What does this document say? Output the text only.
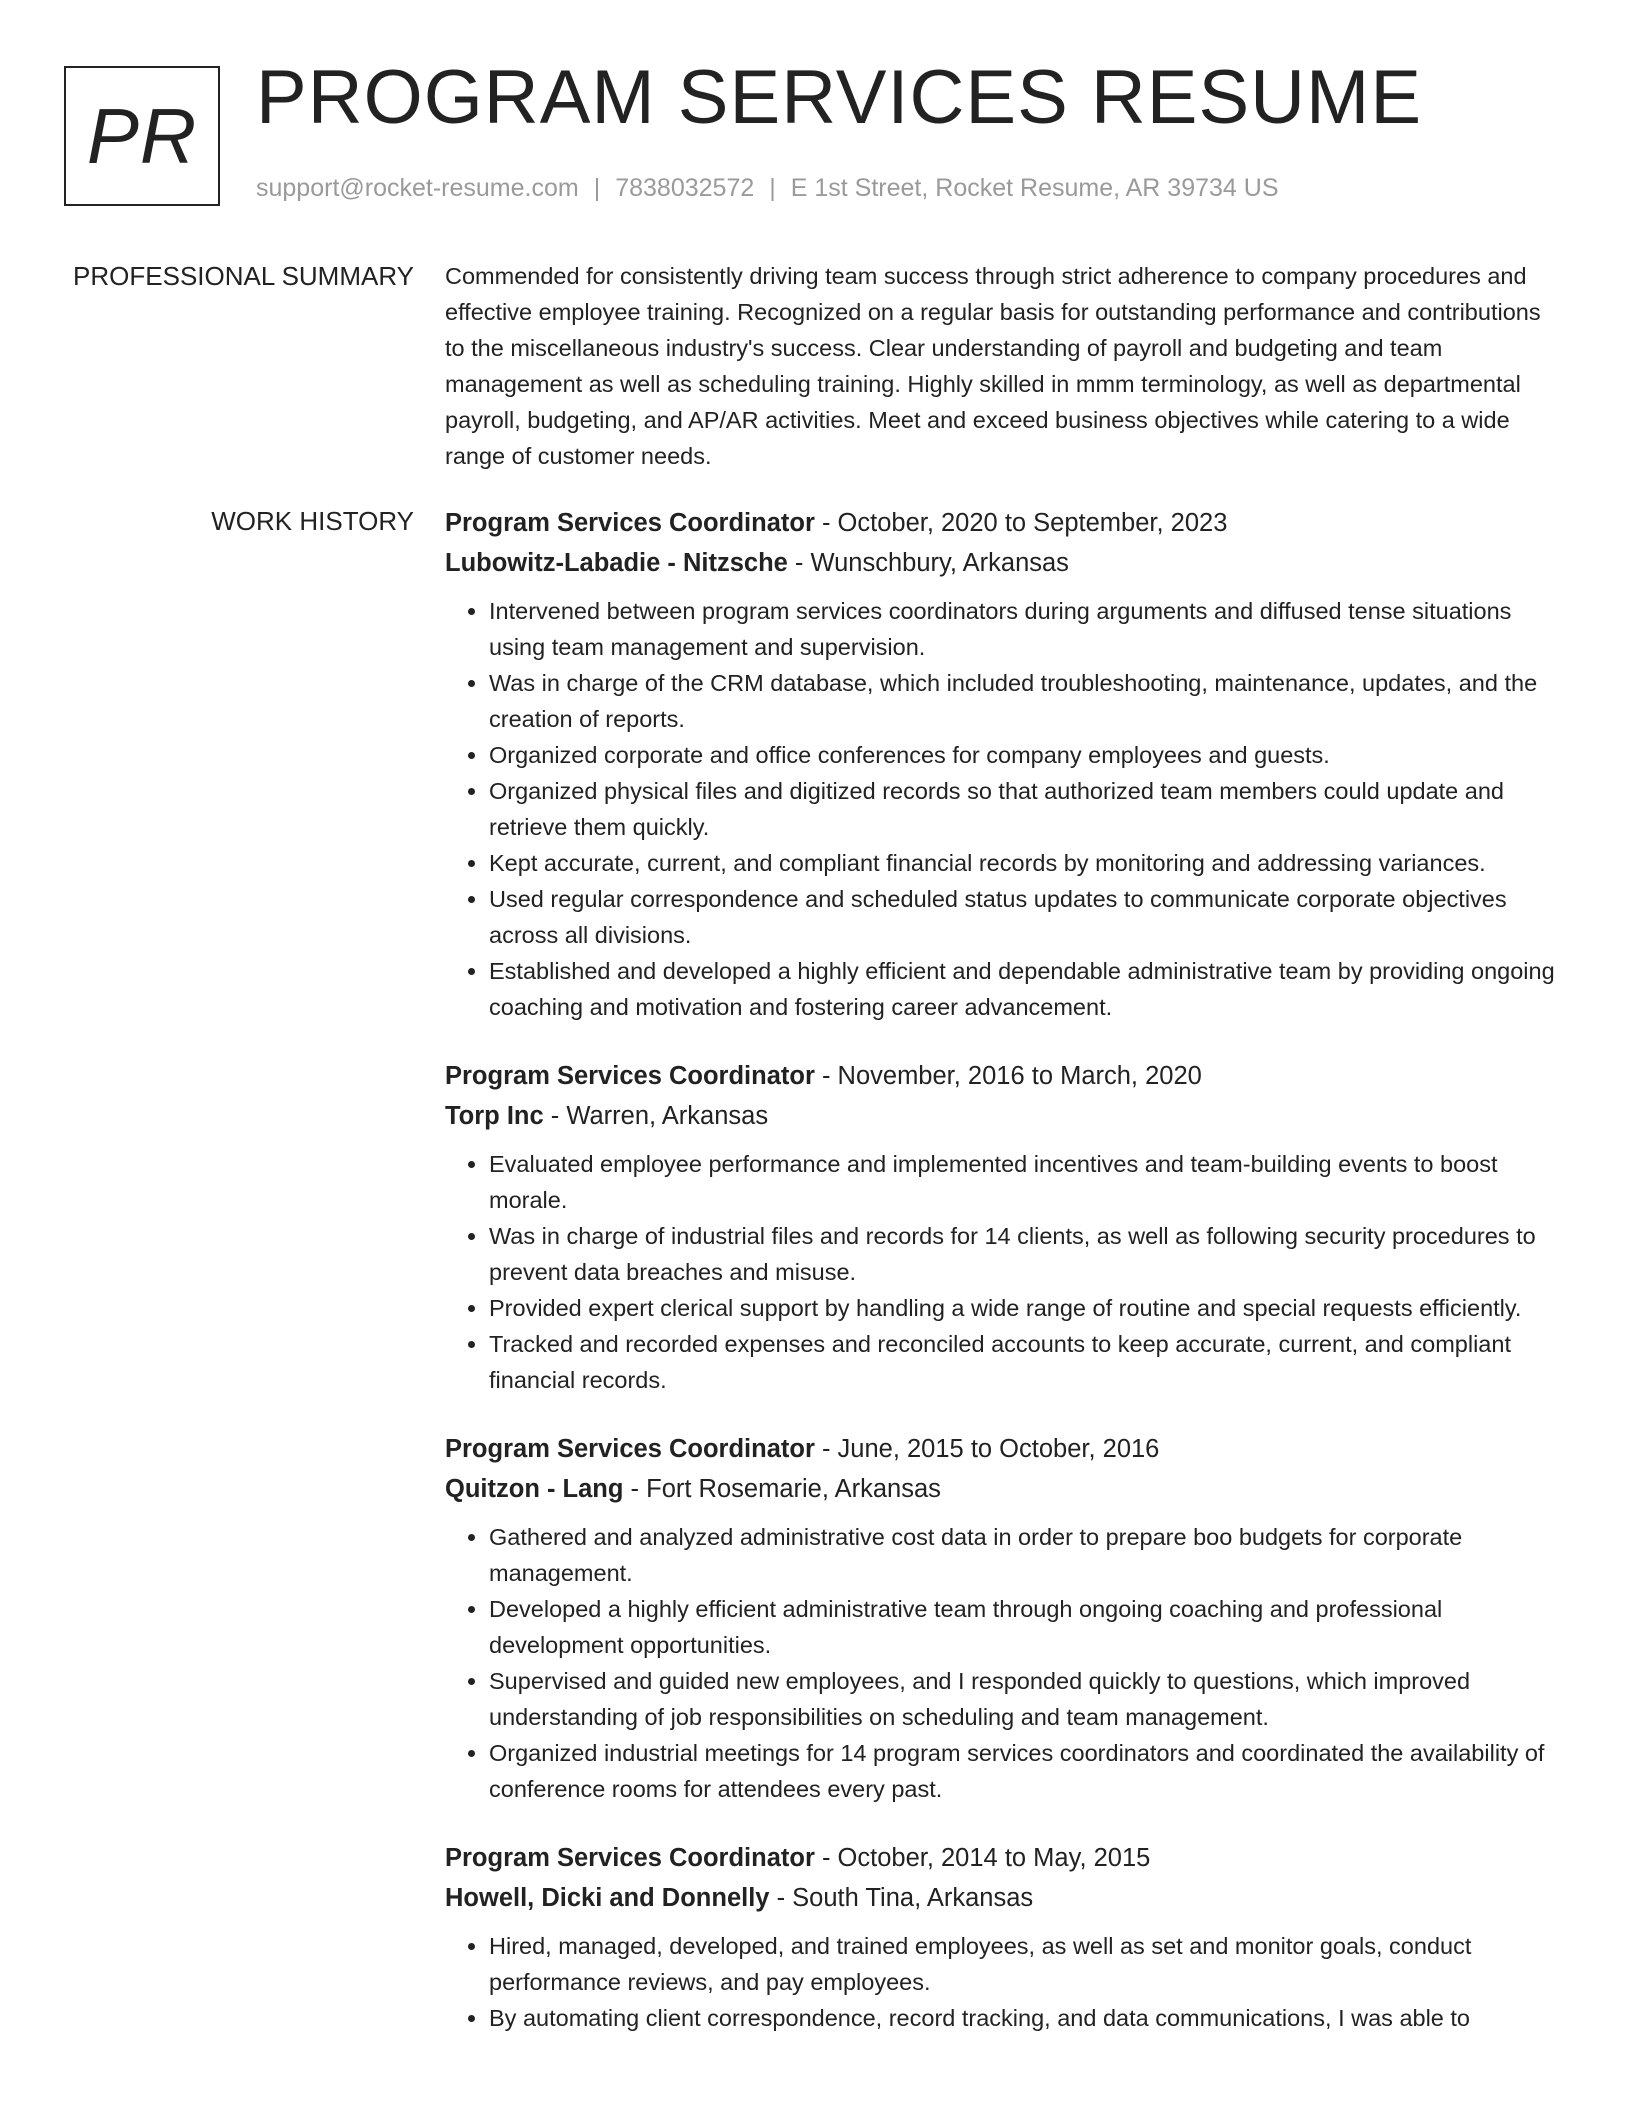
PR PROGRAM SERVICES RESUME
support@rocket-resume.com | 7838032572 | E 1st Street, Rocket Resume, AR 39734 US
PROFESSIONAL SUMMARY Commended for consistently driving team success through strict adherence to company procedures and effective employee training. Recognized on a regular basis for outstanding performance and contributions to the miscellaneous industry's success. Clear understanding of payroll and budgeting and team management as well as scheduling training. Highly skilled in mmm terminology, as well as departmental payroll, budgeting, and AP/AR activities. Meet and exceed business objectives while catering to a wide range of customer needs.

WORK HISTORY Program Services Coordinator - October, 2020 to September, 2023
Lubowitz-Labadie - Nitzsche - Wunschbury, Arkansas
• Intervened between program services coordinators during arguments and diffused tense situations using team management and supervision.
• Was in charge of the CRM database, which included troubleshooting, maintenance, updates, and the creation of reports.
• Organized corporate and office conferences for company employees and guests.
• Organized physical files and digitized records so that authorized team members could update and retrieve them quickly.
• Kept accurate, current, and compliant financial records by monitoring and addressing variances.
• Used regular correspondence and scheduled status updates to communicate corporate objectives across all divisions.
• Established and developed a highly efficient and dependable administrative team by providing ongoing coaching and motivation and fostering career advancement.
Program Services Coordinator - November, 2016 to March, 2020
Torp Inc - Warren, Arkansas
• Evaluated employee performance and implemented incentives and team-building events to boost morale.
• Was in charge of industrial files and records for 14 clients, as well as following security procedures to prevent data breaches and misuse.
• Provided expert clerical support by handling a wide range of routine and special requests efficiently.
• Tracked and recorded expenses and reconciled accounts to keep accurate, current, and compliant financial records.
Program Services Coordinator - June, 2015 to October, 2016
Quitzon - Lang - Fort Rosemarie, Arkansas
• Gathered and analyzed administrative cost data in order to prepare boo budgets for corporate management.
• Developed a highly efficient administrative team through ongoing coaching and professional development opportunities.
• Supervised and guided new employees, and I responded quickly to questions, which improved understanding of job responsibilities on scheduling and team management.
• Organized industrial meetings for 14 program services coordinators and coordinated the availability of conference rooms for attendees every past.
Program Services Coordinator - October, 2014 to May, 2015
Howell, Dicki and Donnelly - South Tina, Arkansas
• Hired, managed, developed, and trained employees, as well as set and monitor goals, conduct performance reviews, and pay employees.
• By automating client correspondence, record tracking, and data communications, I was able to
